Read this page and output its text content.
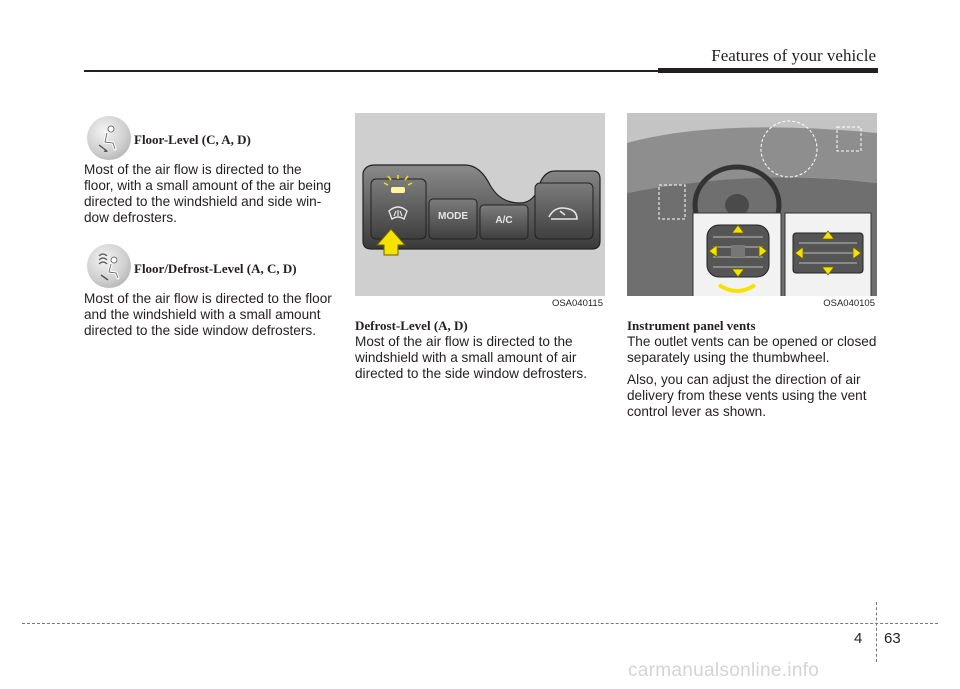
Features of your vehicle
Floor-Level (C, A, D)

Most of the air flow is directed to the

floor, with a small amount of the air being

directed to the windshield and side win-

dow defrosters.

Floor/Defrost-Level (A, C, D)

Most of the air flow is directed to the floor

and the windshield with a small amount

directed to the side window defrosters.

MODE	A/C
OSA040115
Defrost-Level (A, D)

Most of the air flow is directed to the

windshield with a small amount of air

directed to the side window defrosters.

OSA040105
Instrument panel vents

The outlet vents can be opened or closed

separately using the thumbwheel.

Also, you can adjust the direction of air

delivery from these vents using the vent

control lever as shown.

4 63
carmanualsonline.info
